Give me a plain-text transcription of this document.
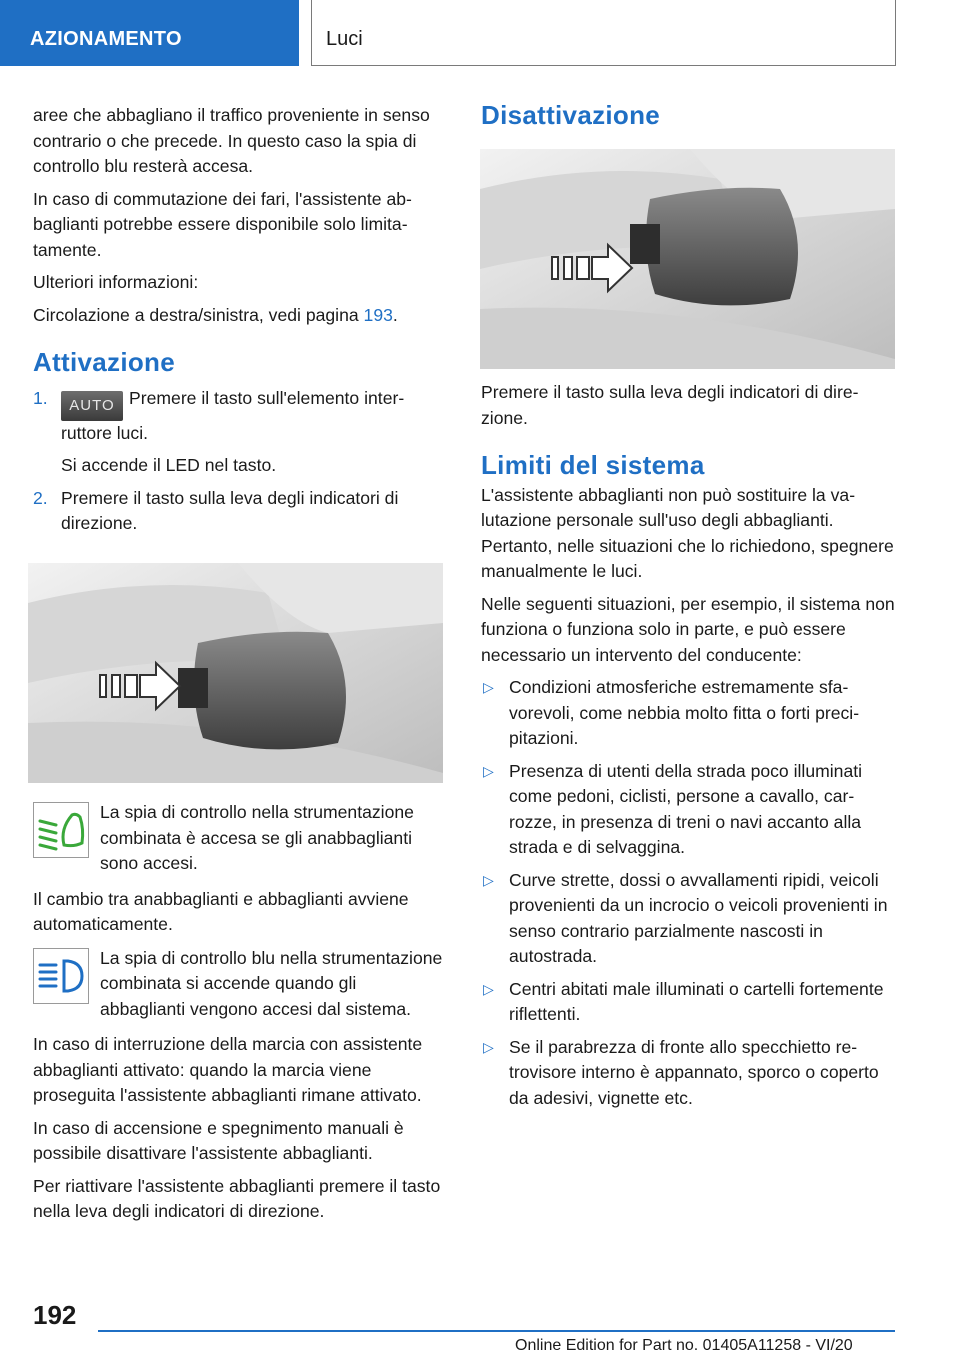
AZIONAMENTO	Luci

aree che abbagliano il traffico proveniente in senso contrario o che precede. In questo caso la spia di controllo blu resterà accesa.

In caso di commutazione dei fari, l'assistente abbaglianti potrebbe essere disponibile solo limitatamente.

Ulteriori informazioni:

Circolazione a destra/sinistra, vedi pagina 193.

Attivazione
1. AUTO Premere il tasto sull'elemento interruttore luci.
Si accende il LED nel tasto.
2. Premere il tasto sulla leva degli indicatori di direzione.

La spia di controllo nella strumentazione combinata è accesa se gli anabbaglianti sono accesi.

Il cambio tra anabbaglianti e abbaglianti avviene automaticamente.

La spia di controllo blu nella strumentazione combinata si accende quando gli abbaglianti vengono accesi dal sistema.

In caso di interruzione della marcia con assistente abbaglianti attivato: quando la marcia viene proseguita l'assistente abbaglianti rimane attivato.

In caso di accensione e spegnimento manuali è possibile disattivare l'assistente abbaglianti.

Per riattivare l'assistente abbaglianti premere il tasto nella leva degli indicatori di direzione.

Disattivazione

Premere il tasto sulla leva degli indicatori di direzione.

Limiti del sistema

L'assistente abbaglianti non può sostituire la valutazione personale sull'uso degli abbaglianti. Pertanto, nelle situazioni che lo richiedono, spegnere manualmente le luci.

Nelle seguenti situazioni, per esempio, il sistema non funziona o funziona solo in parte, e può essere necessario un intervento del conducente:

▷ Condizioni atmosferiche estremamente sfavorevoli, come nebbia molto fitta o forti precipitazioni.
▷ Presenza di utenti della strada poco illuminati come pedoni, ciclisti, persone a cavallo, carrozze, in presenza di treni o navi accanto alla strada e di selvaggina.
▷ Curve strette, dossi o avvallamenti ripidi, veicoli provenienti da un incrocio o veicoli provenienti in senso contrario parzialmente nascosti in autostrada.
▷ Centri abitati male illuminati o cartelli fortemente riflettenti.
▷ Se il parabrezza di fronte allo specchietto retrovisore interno è appannato, sporco o coperto da adesivi, vignette etc.
192
Online Edition for Part no. 01405A11258 - VI/20
